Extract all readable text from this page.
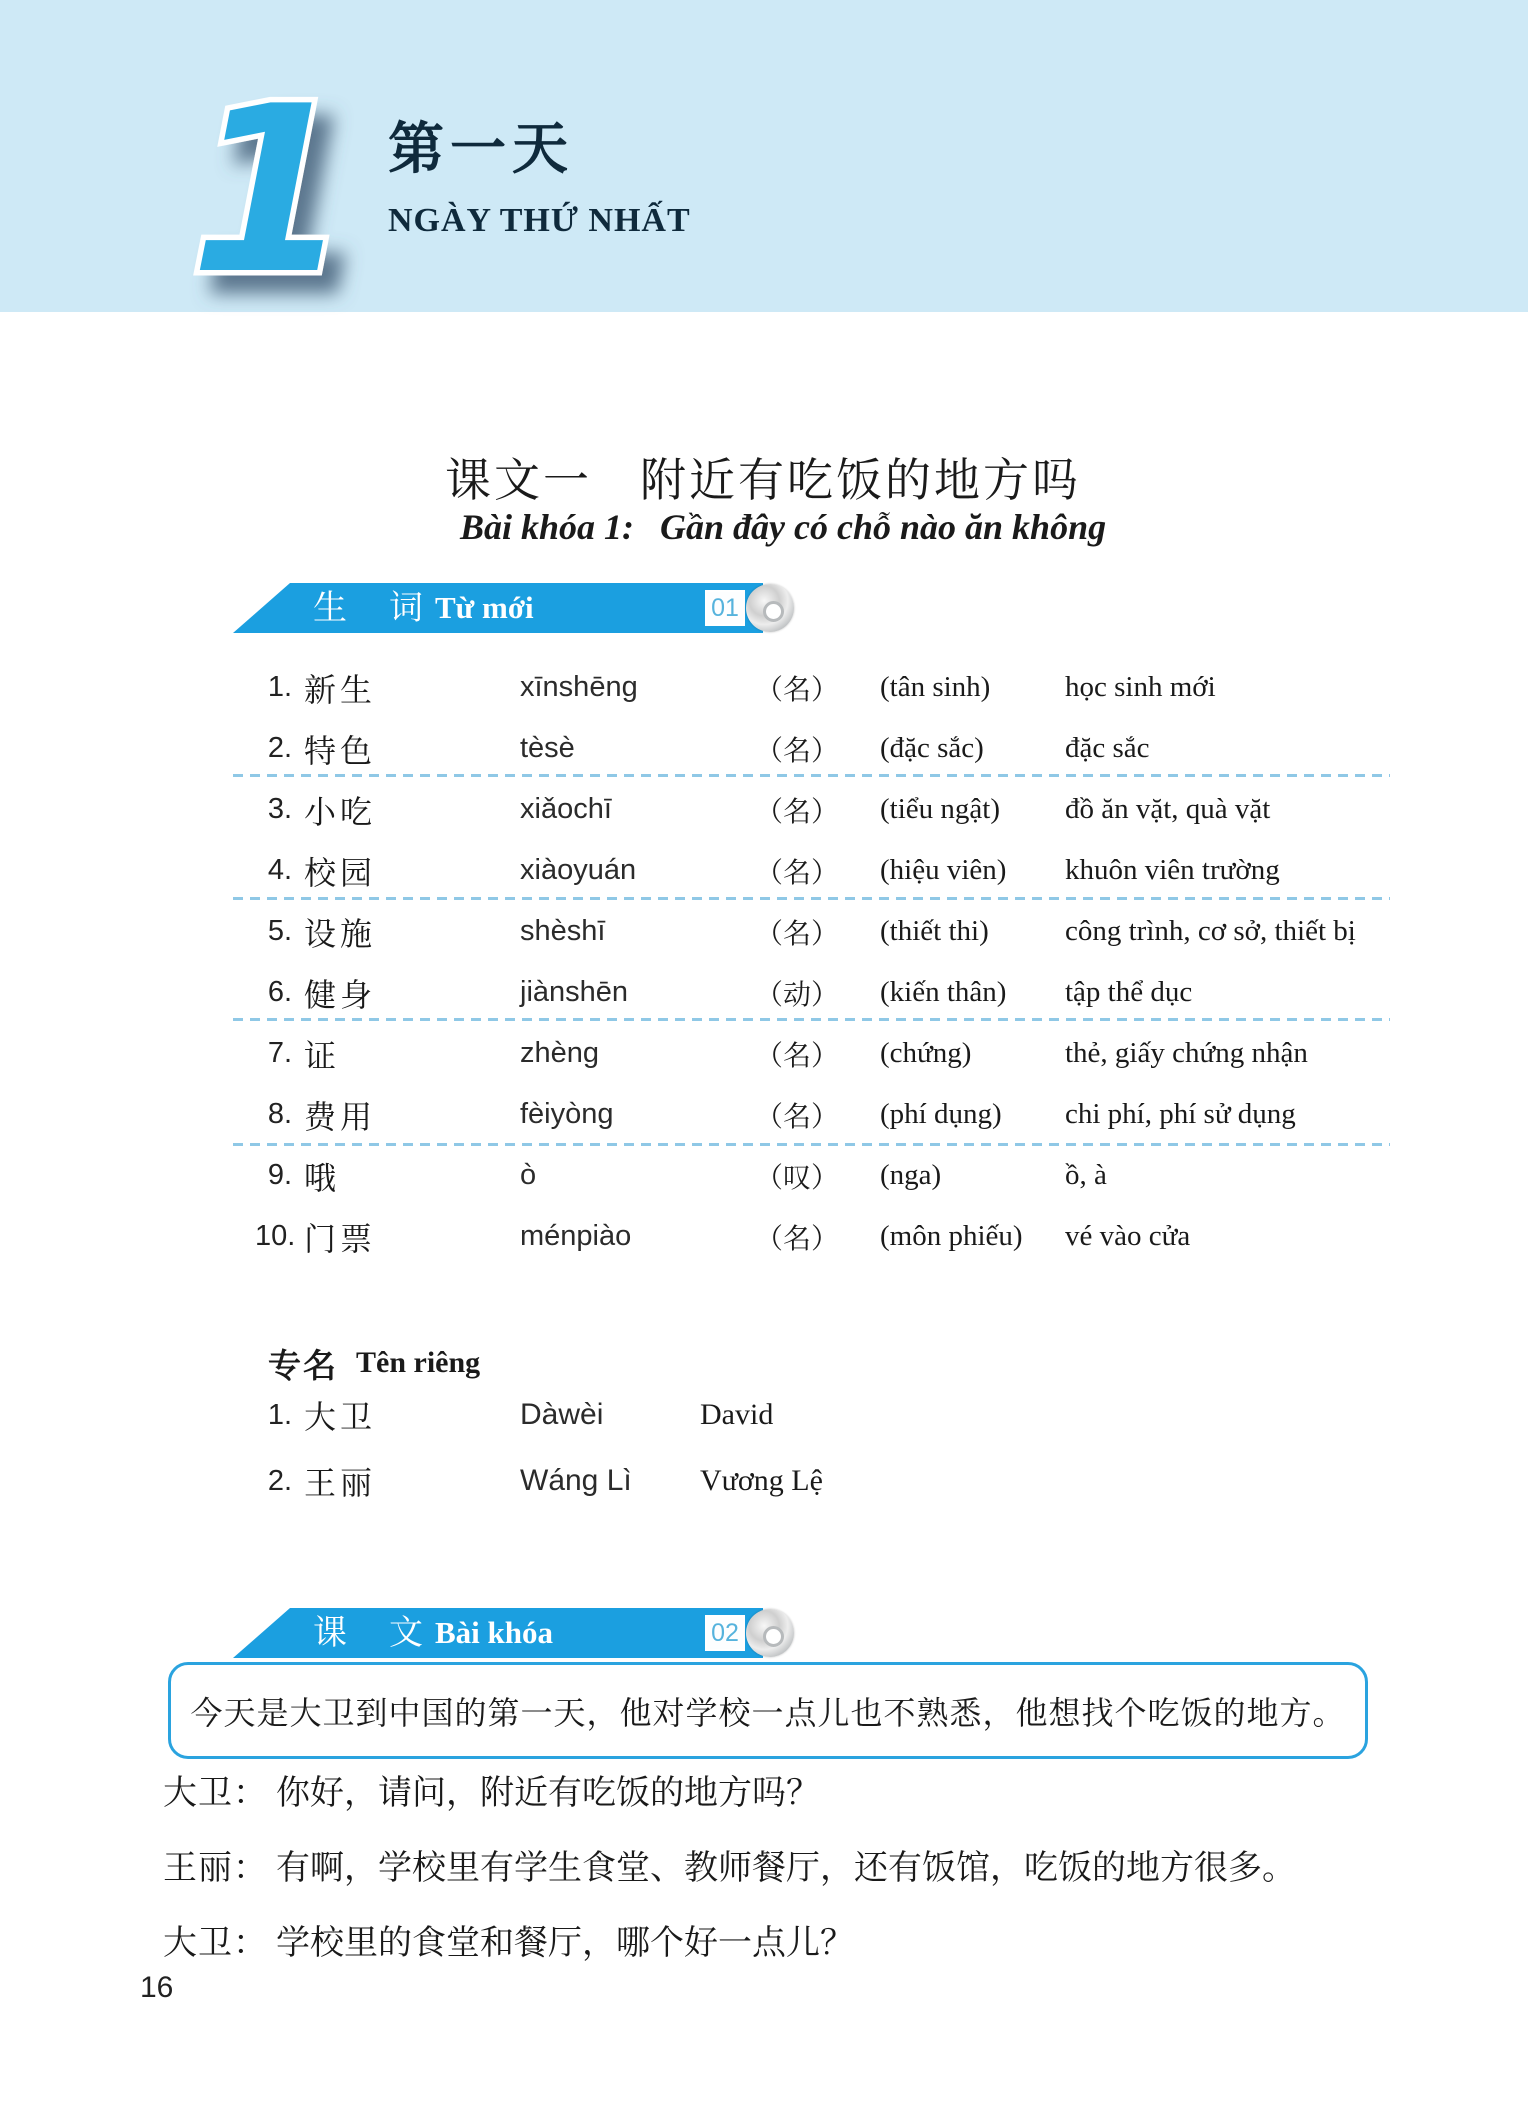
1 第一天
NGÀY THỨ NHẤT
课文一 附近有吃饭的地方吗
Bài khóa 1: Gần đây có chỗ nào ăn không
生　词 Từ mới	01
1. 新生	xīnshēng	（名）	(tân sinh)	học sinh mới
2. 特色	tèsè	（名）	(đặc sắc)	đặc sắc
3. 小吃	xiǎochī	（名）	(tiểu ngật)	đồ ăn vặt, quà vặt
4. 校园	xiàoyuán	（名）	(hiệu viên)	khuôn viên trường
5. 设施	shèshī	（名）	(thiết thi)	công trình, cơ sở, thiết bị
6. 健身	jiànshēn	（动）	(kiến thân)	tập thể dục
7. 证	zhèng	（名）	(chứng)	thẻ, giấy chứng nhận
8. 费用	fèiyòng	（名）	(phí dụng)	chi phí, phí sử dụng
9. 哦	ò	（叹）	(nga)	ồ, à
10. 门票	ménpiào	（名）	(môn phiếu)	vé vào cửa
专名 Tên riêng
1. 大卫	Dàwèi	David
2. 王丽	Wáng Lì	Vương Lệ
课　文 Bài khóa	02
今天是大卫到中国的第一天，他对学校一点儿也不熟悉，他想找个吃饭的地方。
大卫： 你好，请问，附近有吃饭的地方吗？
王丽： 有啊，学校里有学生食堂、教师餐厅，还有饭馆，吃饭的地方很多。
大卫： 学校里的食堂和餐厅，哪个好一点儿？
16
